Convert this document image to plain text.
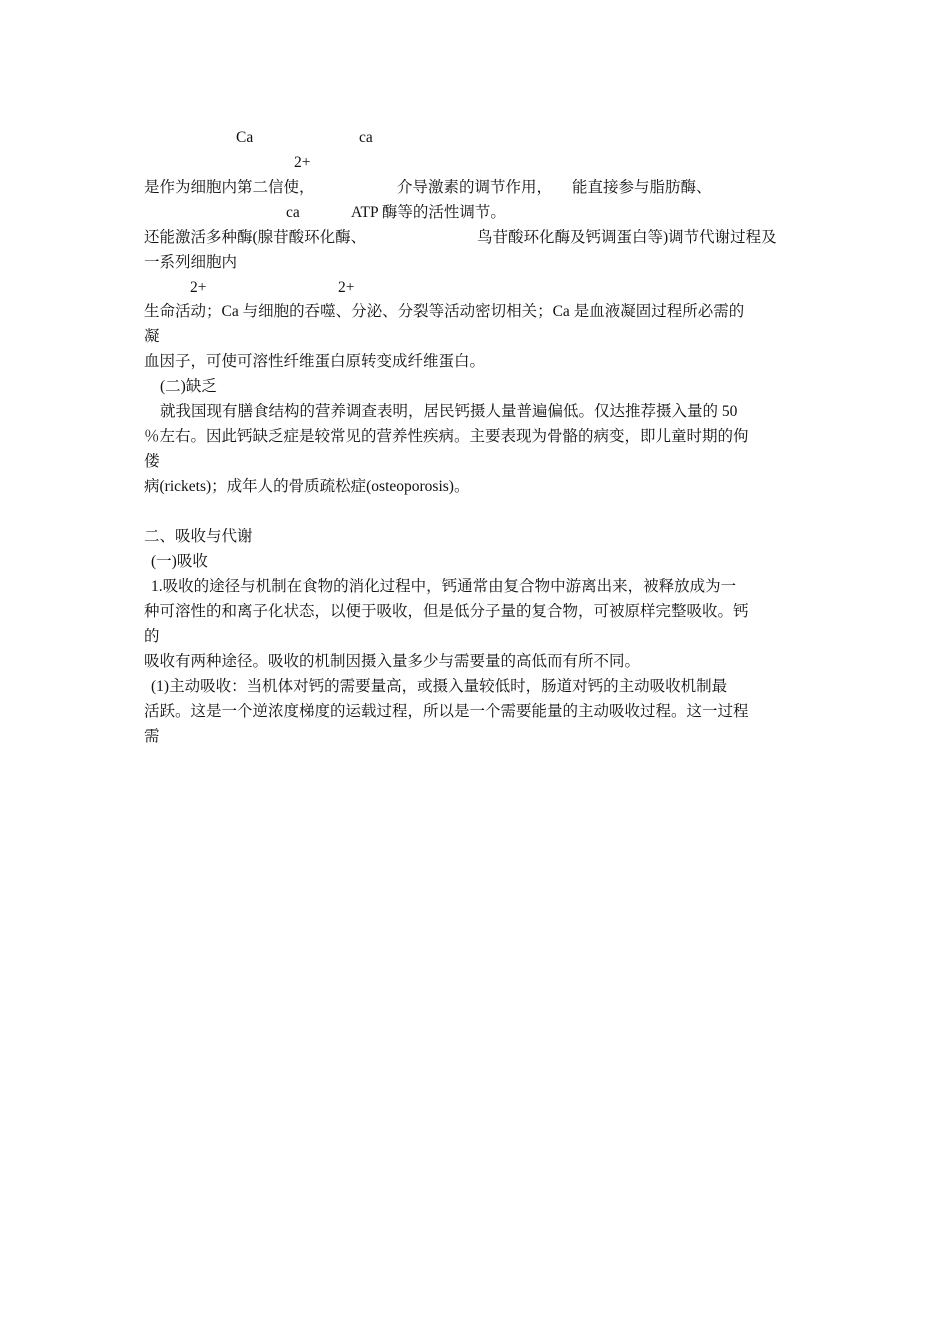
Ca	ca
2+
是作为细胞内第二信使，	介导激素的调节作用， 能直接参与脂肪酶、
ca	ATP 酶等的活性调节。
还能激活多种酶(腺苷酸环化酶、	鸟苷酸环化酶及钙调蛋白等)调节代谢过程及
一系列细胞内
2+	2+
生命活动；Ca 与细胞的吞噬、分泌、分裂等活动密切相关；Ca 是血液凝固过程所必需的
凝
血因子，可使可溶性纤维蛋白原转变成纤维蛋白。
(二)缺乏
就我国现有膳食结构的营养调查表明，居民钙摄人量普遍偏低。仅达推荐摄入量的 50
％左右。因此钙缺乏症是较常见的营养性疾病。主要表现为骨骼的病变，即儿童时期的佝
偻
病(rickets)；成年人的骨质疏松症(osteoporosis)。
二、吸收与代谢
(一)吸收
1.吸收的途径与机制在食物的消化过程中，钙通常由复合物中游离出来，被释放成为一
种可溶性的和离子化状态，以便于吸收，但是低分子量的复合物，可被原样完整吸收。钙
的
吸收有两种途径。吸收的机制因摄入量多少与需要量的高低而有所不同。
(1)主动吸收：当机体对钙的需要量高，或摄入量较低时，肠道对钙的主动吸收机制最
活跃。这是一个逆浓度梯度的运载过程，所以是一个需要能量的主动吸收过程。这一过程
需
